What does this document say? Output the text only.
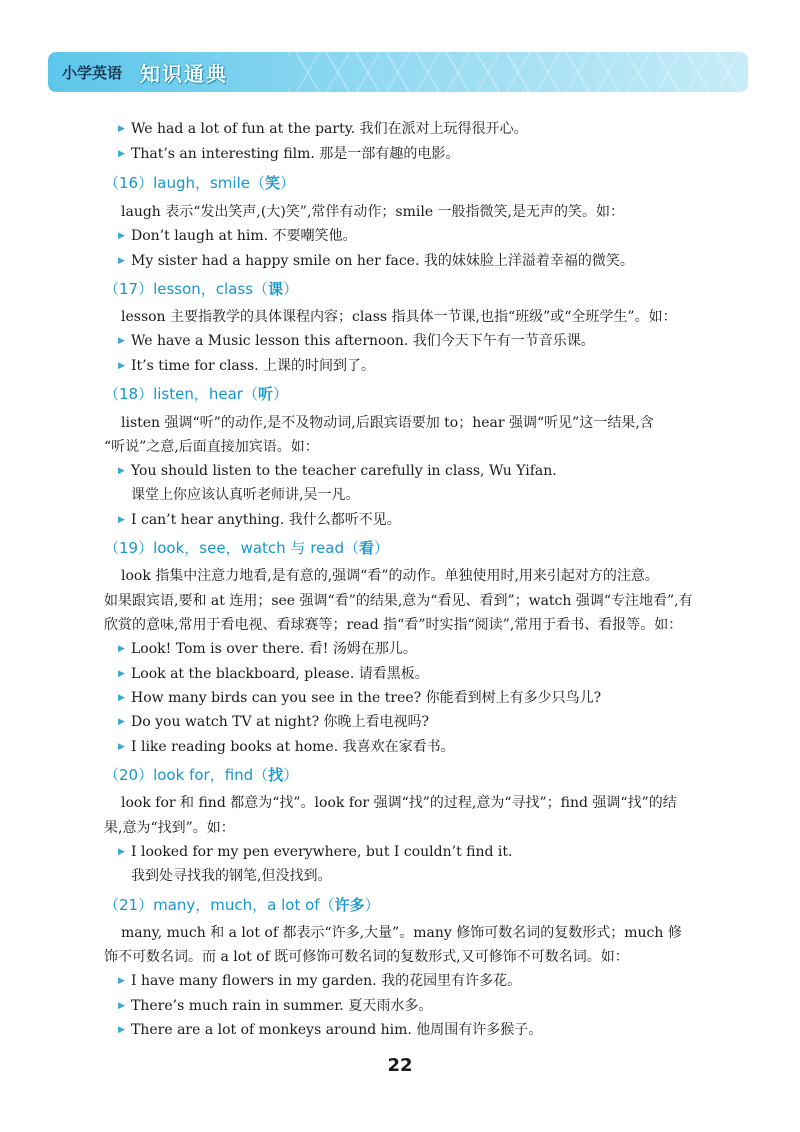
小学英语 知识通典
▶ We had a lot of fun at the party. 我们在派对上玩得很开心。
▶ That’s an interesting film. 那是一部有趣的电影。
（16）laugh，smile（笑）
laugh 表示“发出笑声,(大)笑”,常伴有动作；smile 一般指微笑,是无声的笑。如：
▶ Don’t laugh at him. 不要嘲笑他。
▶ My sister had a happy smile on her face. 我的妹妹脸上洋溢着幸福的微笑。
（17）lesson，class（课）
lesson 主要指教学的具体课程内容；class 指具体一节课,也指“班级”或“全班学生”。如：
▶ We have a Music lesson this afternoon. 我们今天下午有一节音乐课。
▶ It’s time for class. 上课的时间到了。
（18）listen，hear（听）
listen 强调“听”的动作,是不及物动词,后跟宾语要加 to；hear 强调“听见”这一结果,含
“听说”之意,后面直接加宾语。如：
▶ You should listen to the teacher carefully in class, Wu Yifan.
课堂上你应该认真听老师讲,吴一凡。
▶ I can’t hear anything. 我什么都听不见。
（19）look，see，watch 与 read（看）
look 指集中注意力地看,是有意的,强调“看”的动作。单独使用时,用来引起对方的注意。
如果跟宾语,要和 at 连用；see 强调“看”的结果,意为“看见、看到”；watch 强调“专注地看”,有
欣赏的意味,常用于看电视、看球赛等；read 指“看”时实指“阅读”,常用于看书、看报等。如：
▶ Look! Tom is over there. 看! 汤姆在那儿。
▶ Look at the blackboard, please. 请看黑板。
▶ How many birds can you see in the tree? 你能看到树上有多少只鸟儿?
▶ Do you watch TV at night? 你晚上看电视吗?
▶ I like reading books at home. 我喜欢在家看书。
（20）look for，find（找）
look for 和 find 都意为“找”。look for 强调“找”的过程,意为“寻找”；find 强调“找”的结
果,意为“找到”。如：
▶ I looked for my pen everywhere, but I couldn’t find it.
我到处寻找我的钢笔,但没找到。
（21）many，much，a lot of（许多）
many, much 和 a lot of 都表示“许多,大量”。many 修饰可数名词的复数形式；much 修
饰不可数名词。而 a lot of 既可修饰可数名词的复数形式,又可修饰不可数名词。如：
▶ I have many flowers in my garden. 我的花园里有许多花。
▶ There’s much rain in summer. 夏天雨水多。
▶ There are a lot of monkeys around him. 他周围有许多猴子。
22
